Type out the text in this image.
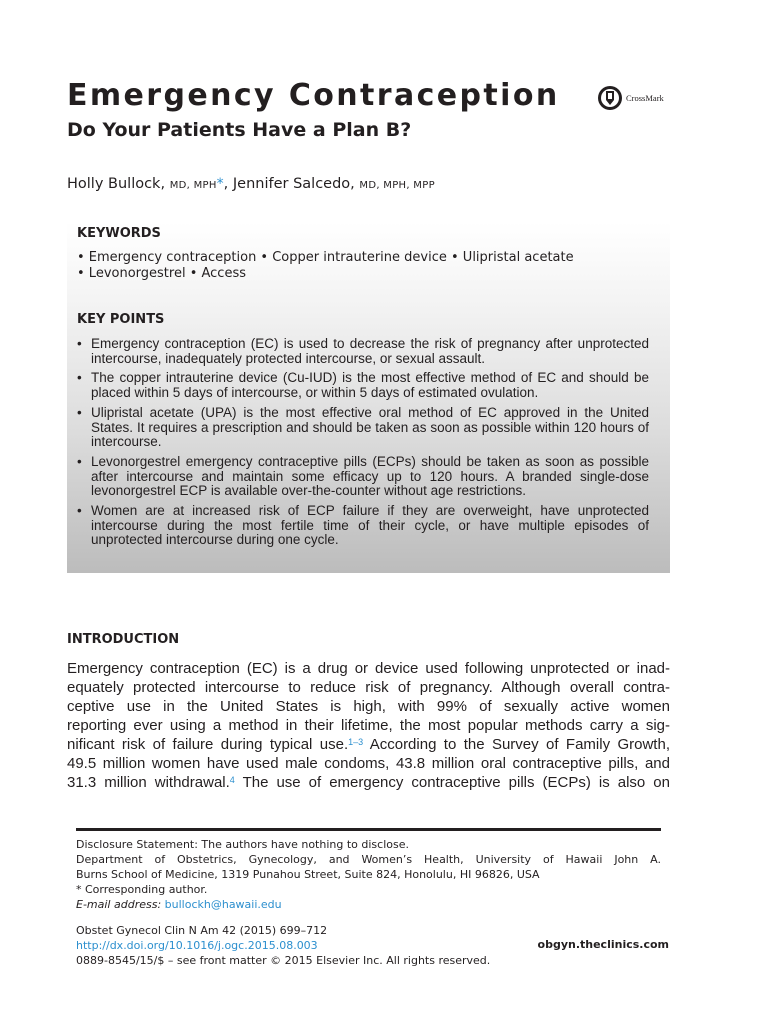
Emergency Contraception
Do Your Patients Have a Plan B?
CrossMark
Holly Bullock, MD, MPH*, Jennifer Salcedo, MD, MPH, MPP
KEYWORDS
• Emergency contraception • Copper intrauterine device • Ulipristal acetate
• Levonorgestrel • Access
KEY POINTS
• Emergency contraception (EC) is used to decrease the risk of pregnancy after unprotected intercourse, inadequately protected intercourse, or sexual assault.
• The copper intrauterine device (Cu-IUD) is the most effective method of EC and should be placed within 5 days of intercourse, or within 5 days of estimated ovulation.
• Ulipristal acetate (UPA) is the most effective oral method of EC approved in the United States. It requires a prescription and should be taken as soon as possible within 120 hours of intercourse.
• Levonorgestrel emergency contraceptive pills (ECPs) should be taken as soon as possible after intercourse and maintain some efficacy up to 120 hours. A branded single-dose levonorgestrel ECP is available over-the-counter without age restrictions.
• Women are at increased risk of ECP failure if they are overweight, have unprotected intercourse during the most fertile time of their cycle, or have multiple episodes of unprotected intercourse during one cycle.
INTRODUCTION
Emergency contraception (EC) is a drug or device used following unprotected or inad-
equately protected intercourse to reduce risk of pregnancy. Although overall contra-
ceptive use in the United States is high, with 99% of sexually active women
reporting ever using a method in their lifetime, the most popular methods carry a sig-
nificant risk of failure during typical use.$^{1-3}$ According to the Survey of Family Growth,
49.5 million women have used male condoms, 43.8 million oral contraceptive pills, and
31.3 million withdrawal.$^4$ The use of emergency contraceptive pills (ECPs) is also on
Disclosure Statement: The authors have nothing to disclose.
Department of Obstetrics, Gynecology, and Women’s Health, University of Hawaii John A.
Burns School of Medicine, 1319 Punahou Street, Suite 824, Honolulu, HI 96826, USA
* Corresponding author.
E-mail address: bullockh@hawaii.edu
Obstet Gynecol Clin N Am 42 (2015) 699–712
http://dx.doi.org/10.1016/j.ogc.2015.08.003
0889-8545/15/$ – see front matter © 2015 Elsevier Inc. All rights reserved.
obgyn.theclinics.com
